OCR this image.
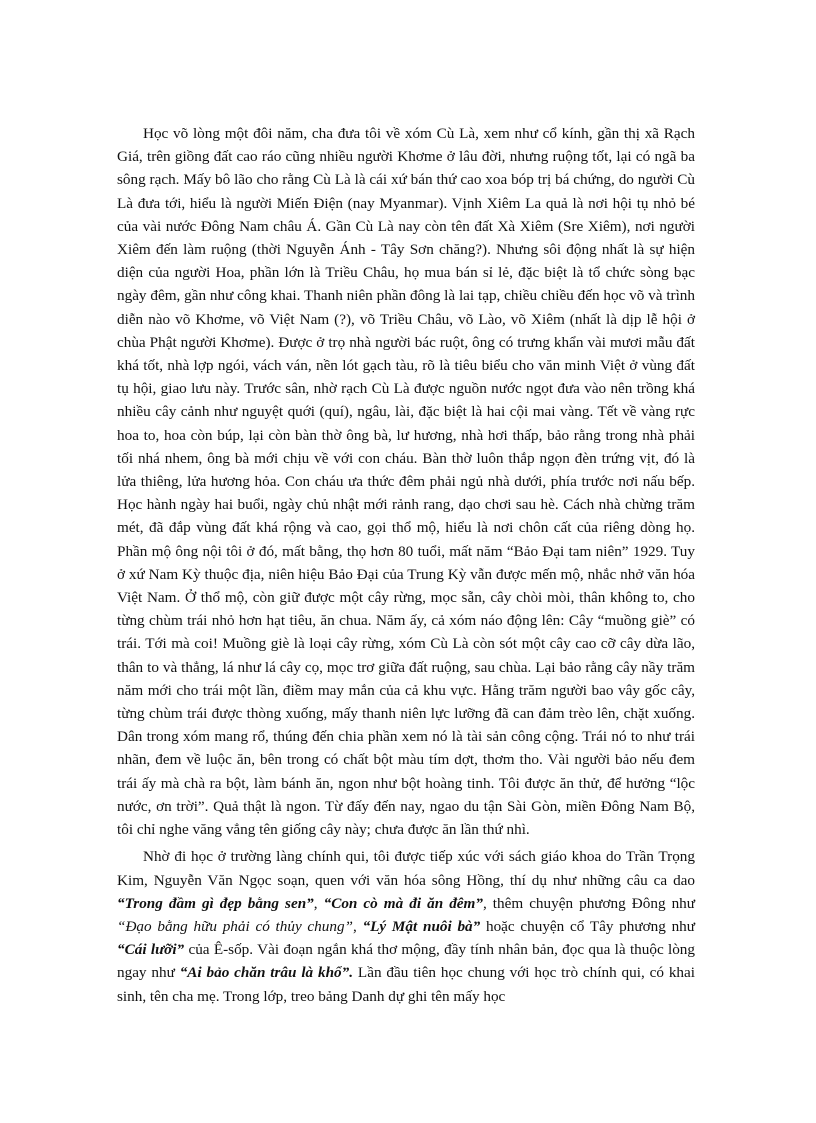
Học võ lòng một đôi năm, cha đưa tôi về xóm Cù Là, xem như cổ kính, gần thị xã Rạch Giá, trên giồng đất cao ráo cũng nhiều người Khơme ở lâu đời, nhưng ruộng tốt, lại có ngã ba sông rạch. Mấy bô lão cho rằng Cù Là là cái xứ bán thứ cao xoa bóp trị bá chứng, do người Cù Là đưa tới, hiểu là người Miến Điện (nay Myanmar). Vịnh Xiêm La quả là nơi hội tụ nhỏ bé của vài nước Đông Nam châu Á. Gần Cù Là nay còn tên đất Xà Xiêm (Sre Xiêm), nơi người Xiêm đến làm ruộng (thời Nguyễn Ánh - Tây Sơn chăng?). Nhưng sôi động nhất là sự hiện diện của người Hoa, phần lớn là Triều Châu, họ mua bán sỉ lẻ, đặc biệt là tổ chức sòng bạc ngày đêm, gần như công khai. Thanh niên phần đông là lai tạp, chiều chiều đến học võ và trình diễn nào võ Khơme, võ Việt Nam (?), võ Triều Châu, võ Lào, võ Xiêm (nhất là dịp lễ hội ở chùa Phật người Khơme). Được ở trọ nhà người bác ruột, ông có trưng khẩn vài mươi mẫu đất khá tốt, nhà lợp ngói, vách ván, nền lót gạch tàu, rõ là tiêu biểu cho văn minh Việt ở vùng đất tụ hội, giao lưu này. Trước sân, nhờ rạch Cù Là được nguồn nước ngọt đưa vào nên trồng khá nhiều cây cảnh như nguyệt quới (quí), ngâu, lài, đặc biệt là hai cội mai vàng. Tết về vàng rực hoa to, hoa còn búp, lại còn bàn thờ ông bà, lư hương, nhà hơi thấp, bảo rằng trong nhà phải tối nhá nhem, ông bà mới chịu về với con cháu. Bàn thờ luôn thắp ngọn đèn trứng vịt, đó là lửa thiêng, lửa hương hỏa. Con cháu ưa thức đêm phải ngủ nhà dưới, phía trước nơi nấu bếp. Học hành ngày hai buổi, ngày chủ nhật mới rảnh rang, dạo chơi sau hè. Cách nhà chừng trăm mét, đã đắp vùng đất khá rộng và cao, gọi thổ mộ, hiểu là nơi chôn cất của riêng dòng họ. Phần mộ ông nội tôi ở đó, mất bằng, thọ hơn 80 tuổi, mất năm “Bảo Đại tam niên” 1929. Tuy ở xứ Nam Kỳ thuộc địa, niên hiệu Bảo Đại của Trung Kỳ vẫn được mến mộ, nhắc nhở văn hóa Việt Nam. Ở thổ mộ, còn giữ được một cây rừng, mọc sẵn, cây chòi mòi, thân không to, cho từng chùm trái nhỏ hơn hạt tiêu, ăn chua. Năm ấy, cả xóm náo động lên: Cây “muồng giè” có trái. Tới mà coi! Muồng giè là loại cây rừng, xóm Cù Là còn sót một cây cao cỡ cây dừa lão, thân to và thẳng, lá như lá cây cọ, mọc trơ giữa đất ruộng, sau chùa. Lại bảo rằng cây nầy trăm năm mới cho trái một lần, điềm may mắn của cả khu vực. Hằng trăm người bao vây gốc cây, từng chùm trái được thòng xuống, mấy thanh niên lực lưỡng đã can đảm trèo lên, chặt xuống. Dân trong xóm mang rổ, thúng đến chia phần xem nó là tài sản công cộng. Trái nó to như trái nhãn, đem về luộc ăn, bên trong có chất bột màu tím dợt, thơm tho. Vài người bảo nếu đem trái ấy mà chà ra bột, làm bánh ăn, ngon như bột hoàng tinh. Tôi được ăn thử, để hưởng “lộc nước, ơn trời”. Quả thật là ngon. Từ đấy đến nay, ngao du tận Sài Gòn, miền Đông Nam Bộ, tôi chỉ nghe văng vẳng tên giống cây này; chưa được ăn lần thứ nhì.

Nhờ đi học ở trường làng chính qui, tôi được tiếp xúc với sách giáo khoa do Trần Trọng Kim, Nguyễn Văn Ngọc soạn, quen với văn hóa sông Hồng, thí dụ như những câu ca dao “Trong đầm gì đẹp bằng sen”, “Con cò mà đi ăn đêm”, thêm chuyện phương Đông như “Đạo bằng hữu phải có thủy chung”, “Lý Mật nuôi bà” hoặc chuyện cổ Tây phương như “Cái lưỡi” của Ê-sốp. Vài đoạn ngắn khá thơ mộng, đầy tính nhân bản, đọc qua là thuộc lòng ngay như “Ai bảo chăn trâu là khổ”. Lần đầu tiên học chung với học trò chính qui, có khai sinh, tên cha mẹ. Trong lớp, treo bảng Danh dự ghi tên mấy học
